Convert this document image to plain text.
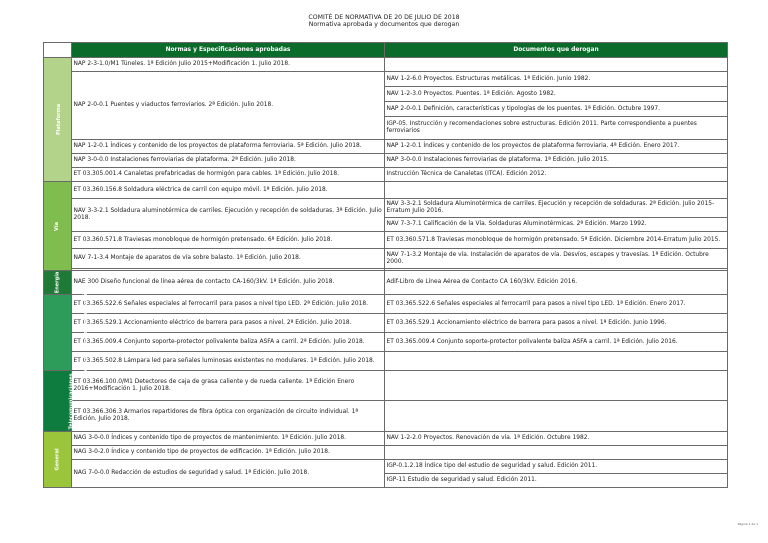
COMITÉ DE NORMATIVA DE 20 DE JULIO DE 2018
Normativa aprobada y documentos que derogan
	Normas y Especificaciones aprobadas	Documentos que derogan
Plataforma	NAP 2-3-1.0/M1 Túneles. 1ª Edición Julio 2015+Modificación 1. Julio 2018.	
	NAP 2-0-0.1 Puentes y viaductos ferroviarios. 2ª Edición. Julio 2018.	NAV 1-2-6.0 Proyectos. Estructuras metálicas. 1ª Edición. Junio 1982.
		NAV 1-2-3.0 Proyectos. Puentes. 1ª Edición. Agosto 1982.
		NAP 2-0-0.1 Definición, características y tipologías de los puentes. 1ª Edición. Octubre 1997.
		IGP-05. Instrucción y recomendaciones sobre estructuras. Edición 2011. Parte correspondiente a puentes ferroviarios
	NAP 1-2-0.1 Índices y contenido de los proyectos de plataforma ferroviaria. 5ª Edición. Julio 2018.	NAP 1-2-0.1 Índices y contenido de los proyectos de plataforma ferroviaria. 4ª Edición. Enero 2017.
	NAP 3-0-0.0 Instalaciones ferroviarias de plataforma. 2ª Edición. Julio 2018.	NAP 3-0-0.0 Instalaciones ferroviarias de plataforma. 1ª Edición. Julio 2015.
	ET 03.305.001.4 Canaletas prefabricadas de hormigón para cables. 1ª Edición. Julio 2018.	Instrucción Técnica de Canaletas (ITCA). Edición 2012.
Vía	ET 03.360.156.8 Soldadura eléctrica de carril con equipo móvil. 1ª Edición. Julio 2018.	
	NAV 3-3-2.1 Soldadura aluminotérmica de carriles. Ejecución y recepción de soldaduras. 3ª Edición. Julio 2018.	NAV 3-3-2.1 Soldadura Aluminotérmica de carriles. Ejecución y recepción de soldaduras. 2ª Edición. Julio 2015-Erratum Julio 2016.
		NAV 7-3-7.1 Calificación de la Vía. Soldaduras Aluminotérmicas. 2ª Edición. Marzo 1992.
	ET 03.360.571.8 Traviesas monobloque de hormigón pretensado. 6ª Edición. Julio 2018.	ET 03.360.571.8 Traviesas monobloque de hormigón pretensado. 5ª Edición. Diciembre 2014-Erratum Julio 2015.
	NAV 7-1-3.4 Montaje de aparatos de vía sobre balasto. 1ª Edición. Julio 2018.	NAV 7-1-3.2 Montaje de vía. Instalación de aparatos de vía. Desvíos, escapes y travesías. 1ª Edición. Octubre 2000.

Energía	NAE 300 Diseño funcional de línea aérea de contacto CA-160/3kV. 1ª Edición. Julio 2018.	Adif-Libro de Línea Aérea de Contacto CA 160/3kV. Edición 2016.
Control, mando y señalización	ET 03.365.522.6 Señales especiales al ferrocarril para pasos a nivel tipo LED. 2ª Edición. Julio 2018.	ET 03.365.522.6 Señales especiales al ferrocarril para pasos a nivel tipo LED. 1ª Edición. Enero 2017.
	ET 03.365.529.1 Accionamiento eléctrico de barrera para pasos a nivel. 2ª Edición. Julio 2018.	ET 03.365.529.1 Accionamiento eléctrico de barrera para pasos a nivel. 1ª Edición. Junio 1996.
	ET 03.365.009.4 Conjunto soporte-protector polivalente baliza ASFA a carril. 2ª Edición. Julio 2018.	ET 03.365.009.4 Conjunto soporte-protector polivalente baliza ASFA a carril. 1ª Edición. Julio 2016.
	ET 03.365.502.8 Lámpara led para señales luminosas existentes no modulares. 1ª Edición. Julio 2018.	
Telecomunicaciones	ET 03.366.100.0/M1 Detectores de caja de grasa caliente y de rueda caliente. 1ª Edición Enero 2016+Modificación 1. Julio 2018.	
	ET 03.366.306.3 Armarios repartidores de fibra óptica con organización de circuito individual. 1ª Edición. Julio 2018.	
General	NAG 3-0-0.0 Índices y contenido tipo de proyectos de mantenimiento. 1ª Edición. Julio 2018.	NAV 1-2-2.0 Proyectos. Renovación de vía. 1ª Edición. Octubre 1982.
	NAG 3-0-2.0 Índice y contenido tipo de proyectos de edificación. 1ª Edición. Julio 2018.	
	NAG 7-0-0.0 Redacción de estudios de seguridad y salud. 1ª Edición. Julio 2018.	IGP-0.1.2.18 Índice tipo del estudio de seguridad y salud. Edición 2011.
		IGP-11 Estudio de seguridad y salud. Edición 2011.
Página 1 de 1
